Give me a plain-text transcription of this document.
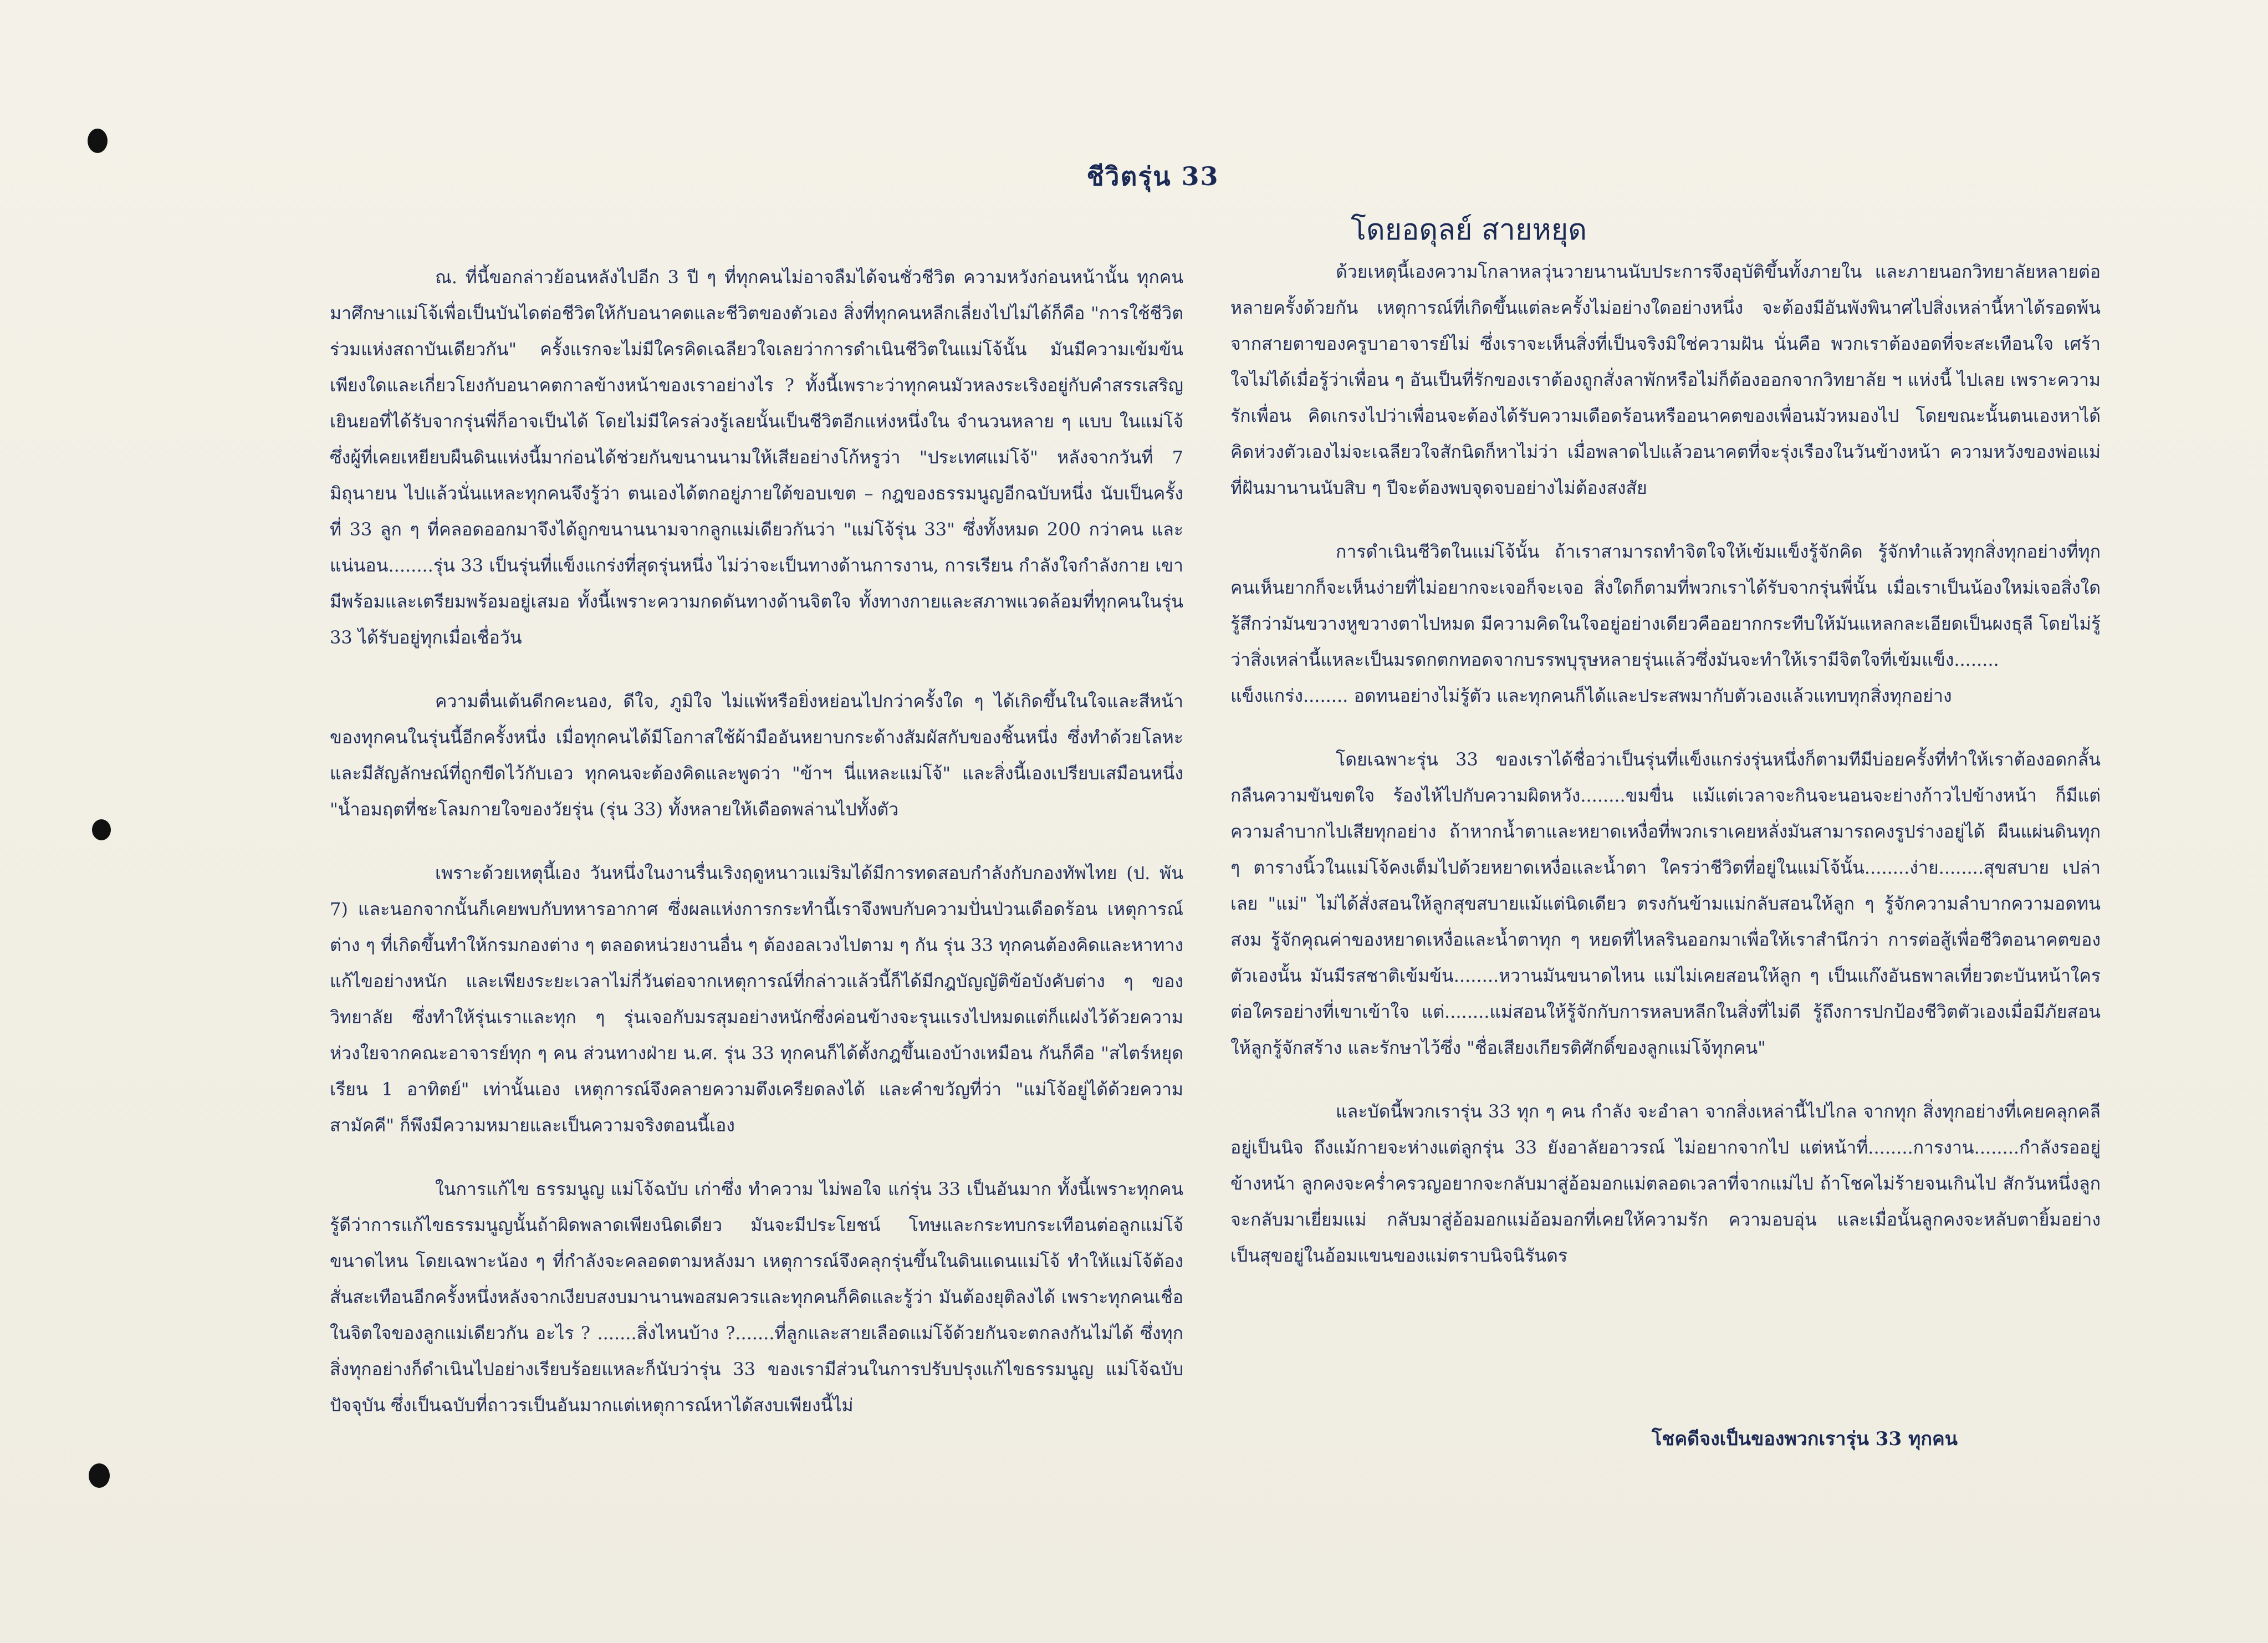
ชีวิตรุ่น 33
โดยอดุลย์ สายหยุด

ณ. ที่นี้ขอกล่าวย้อนหลังไปอีก 3 ปี ๆ ที่ทุกคนไม่อาจลืมได้จนชั่วชีวิต ความหวังก่อนหน้านั้น ทุกคนมาศึกษาแม่โจ้เพื่อเป็นบันไดต่อชีวิตให้กับอนาคตและชีวิตของตัวเอง สิ่งที่ทุกคนหลีกเลี่ยงไปไม่ได้ก็คือ "การใช้ชีวิตร่วมแห่งสถาบันเดียวกัน" ครั้งแรกจะไม่มีใครคิดเฉลียวใจเลยว่าการดำเนินชีวิตในแม่โจ้นั้น มันมีความเข้มข้นเพียงใดและเกี่ยวโยงกับอนาคตกาลข้างหน้าของเราอย่างไร ? ทั้งนี้เพราะว่าทุกคนมัวหลงระเริงอยู่กับคำสรรเสริญเยินยอที่ได้รับจากรุ่นพี่ก็อาจเป็นได้ โดยไม่มีใครล่วงรู้เลยนั้นเป็นชีวิตอีกแห่งหนึ่งใน จำนวนหลาย ๆ แบบ ในแม่โจ้ซึ่งผู้ที่เคยเหยียบผืนดินแห่งนี้มาก่อนได้ช่วยกันขนานนามให้เสียอย่างโก้หรูว่า "ประเทศแม่โจ้" หลังจากวันที่ 7 มิถุนายน ไปแล้วนั่นแหละทุกคนจึงรู้ว่า ตนเองได้ตกอยู่ภายใต้ขอบเขต – กฎของธรรมนูญอีกฉบับหนึ่ง นับเป็นครั้งที่ 33 ลูก ๆ ที่คลอดออกมาจึงได้ถูกขนานนามจากลูกแม่เดียวกันว่า "แม่โจ้รุ่น 33" ซึ่งทั้งหมด 200 กว่าคน และแน่นอน........รุ่น 33 เป็นรุ่นที่แข็งแกร่งที่สุดรุ่นหนึ่ง ไม่ว่าจะเป็นทางด้านการงาน, การเรียน กำลังใจกำลังกาย เขามีพร้อมและเตรียมพร้อมอยู่เสมอ ทั้งนี้เพราะความกดดันทางด้านจิตใจ ทั้งทางกายและสภาพแวดล้อมที่ทุกคนในรุ่น 33 ได้รับอยู่ทุกเมื่อเชื่อวัน

ความตื่นเต้นดีกคะนอง, ดีใจ, ภูมิใจ ไม่แพ้หรือยิ่งหย่อนไปกว่าครั้งใด ๆ ได้เกิดขึ้นในใจและสีหน้าของทุกคนในรุ่นนี้อีกครั้งหนึ่ง เมื่อทุกคนได้มีโอกาสใช้ผ้ามืออันหยาบกระด้างสัมผัสกับของชิ้นหนึ่ง ซึ่งทำด้วยโลหะและมีสัญลักษณ์ที่ถูกขีดไว้กับเอว ทุกคนจะต้องคิดและพูดว่า "ข้าฯ นี่แหละแม่โจ้" และสิ่งนี้เองเปรียบเสมือนหนึ่ง "น้ำอมฤตที่ชะโลมกายใจของวัยรุ่น (รุ่น 33) ทั้งหลายให้เดือดพล่านไปทั้งตัว

เพราะด้วยเหตุนี้เอง วันหนึ่งในงานรื่นเริงฤดูหนาวแม่ริมได้มีการทดสอบกำลังกับกองทัพไทย (ป. พัน 7) และนอกจากนั้นก็เคยพบกับทหารอากาศ ซึ่งผลแห่งการกระทำนี้เราจึงพบกับความปั่นป่วนเดือดร้อน เหตุการณ์ต่าง ๆ ที่เกิดขึ้นทำให้กรมกองต่าง ๆ ตลอดหน่วยงานอื่น ๆ ต้องอลเวงไปตาม ๆ กัน รุ่น 33 ทุกคนต้องคิดและหาทางแก้ไขอย่างหนัก และเพียงระยะเวลาไม่กี่วันต่อจากเหตุการณ์ที่กล่าวแล้วนี้ก็ได้มีกฎบัญญัติข้อบังคับต่าง ๆ ของวิทยาลัย ซึ่งทำให้รุ่นเราและทุก ๆ รุ่นเจอกับมรสุมอย่างหนักซึ่งค่อนข้างจะรุนแรงไปหมดแต่ก็แฝงไว้ด้วยความห่วงใยจากคณะอาจารย์ทุก ๆ คน ส่วนทางฝ่าย น.ศ. รุ่น 33 ทุกคนก็ได้ตั้งกฎขึ้นเองบ้างเหมือน กันก็คือ "สไตร์หยุดเรียน 1 อาทิตย์" เท่านั้นเอง เหตุการณ์จึงคลายความตึงเครียดลงได้ และคำขวัญที่ว่า "แม่โจ้อยู่ได้ด้วยความสามัคคี" ก็พึงมีความหมายและเป็นความจริงตอนนี้เอง

ในการแก้ไข ธรรมนูญ แม่โจ้ฉบับ เก่าซึ่ง ทำความ ไม่พอใจ แก่รุ่น 33 เป็นอันมาก ทั้งนี้เพราะทุกคนรู้ดีว่าการแก้ไขธรรมนูญนั้นถ้าผิดพลาดเพียงนิดเดียว มันจะมีประโยชน์ โทษและกระทบกระเทือนต่อลูกแม่โจ้ขนาดไหน โดยเฉพาะน้อง ๆ ที่กำลังจะคลอดตามหลังมา เหตุการณ์จึงคลุกรุ่นขึ้นในดินแดนแม่โจ้ ทำให้แม่โจ้ต้องสั่นสะเทือนอีกครั้งหนึ่งหลังจากเงียบสงบมานานพอสมควรและทุกคนก็คิดและรู้ว่า มันต้องยุติลงได้ เพราะทุกคนเชื่อในจิตใจของลูกแม่เดียวกัน อะไร ? .......สิ่งไหนบ้าง ?.......ที่ลูกและสายเลือดแม่โจ้ด้วยกันจะตกลงกันไม่ได้ ซึ่งทุกสิ่งทุกอย่างก็ดำเนินไปอย่างเรียบร้อยแหละก็นับว่ารุ่น 33 ของเรามีส่วนในการปรับปรุงแก้ไขธรรมนูญ แม่โจ้ฉบับปัจจุบัน ซึ่งเป็นฉบับที่ถาวรเป็นอันมากแต่เหตุการณ์หาได้สงบเพียงนี้ไม่

ด้วยเหตุนี้เองความโกลาหลวุ่นวายนานนับประการจึงอุบัติขึ้นทั้งภายใน และภายนอกวิทยาลัยหลายต่อหลายครั้งด้วยกัน เหตุการณ์ที่เกิดขึ้นแต่ละครั้งไม่อย่างใดอย่างหนึ่ง จะต้องมีอันพังพินาศไปสิ่งเหล่านี้หาได้รอดพ้นจากสายตาของครูบาอาจารย์ไม่ ซึ่งเราจะเห็นสิ่งที่เป็นจริงมิใช่ความฝัน นั่นคือ พวกเราต้องอดที่จะสะเทือนใจ เศร้าใจไม่ได้เมื่อรู้ว่าเพื่อน ๆ อันเป็นที่รักของเราต้องถูกสั่งลาพักหรือไม่ก็ต้องออกจากวิทยาลัย ฯ แห่งนี้ ไปเลย เพราะความรักเพื่อน คิดเกรงไปว่าเพื่อนจะต้องได้รับความเดือดร้อนหรืออนาคตของเพื่อนมัวหมองไป โดยขณะนั้นตนเองหาได้คิดห่วงตัวเองไม่จะเฉลียวใจสักนิดก็หาไม่ว่า เมื่อพลาดไปแล้วอนาคตที่จะรุ่งเรืองในวันข้างหน้า ความหวังของพ่อแม่ที่ฝันมานานนับสิบ ๆ ปีจะต้องพบจุดจบอย่างไม่ต้องสงสัย

การดำเนินชีวิตในแม่โจ้นั้น ถ้าเราสามารถทำจิตใจให้เข้มแข็งรู้จักคิด รู้จักทำแล้วทุกสิ่งทุกอย่างที่ทุกคนเห็นยากก็จะเห็นง่ายที่ไม่อยากจะเจอก็จะเจอ สิ่งใดก็ตามที่พวกเราได้รับจากรุ่นพี่นั้น เมื่อเราเป็นน้องใหม่เจอสิ่งใดรู้สึกว่ามันขวางหูขวางตาไปหมด มีความคิดในใจอยู่อย่างเดียวคืออยากกระทืบให้มันแหลกละเอียดเป็นผงธุลี โดยไม่รู้ว่าสิ่งเหล่านี้แหละเป็นมรดกตกทอดจากบรรพบุรุษหลายรุ่นแล้วซึ่งมันจะทำให้เรามีจิตใจที่เข้มแข็ง........ แข็งแกร่ง........ อดทนอย่างไม่รู้ตัว และทุกคนก็ได้และประสพมากับตัวเองแล้วแทบทุกสิ่งทุกอย่าง

โดยเฉพาะรุ่น 33 ของเราได้ชื่อว่าเป็นรุ่นที่แข็งแกร่งรุ่นหนึ่งก็ตามทีมีบ่อยครั้งที่ทำให้เราต้องอดกลั้นกลืนความขันขตใจ ร้องไห้ไปกับความผิดหวัง........ขมขื่น แม้แต่เวลาจะกินจะนอนจะย่างก้าวไปข้างหน้า ก็มีแต่ความลำบากไปเสียทุกอย่าง ถ้าหากน้ำตาและหยาดเหงื่อที่พวกเราเคยหลั่งมันสามารถคงรูปร่างอยู่ได้ ผืนแผ่นดินทุก ๆ ตารางนิ้วในแม่โจ้คงเต็มไปด้วยหยาดเหงื่อและน้ำตา ใครว่าชีวิตที่อยู่ในแม่โจ้นั้น........ง่าย........สุขสบาย เปล่าเลย "แม่" ไม่ได้สั่งสอนให้ลูกสุขสบายแม้แต่นิดเดียว ตรงกันข้ามแม่กลับสอนให้ลูก ๆ รู้จักความลำบากความอดทน สงม รู้จักคุณค่าของหยาดเหงื่อและน้ำตาทุก ๆ หยดที่ไหลรินออกมาเพื่อให้เราสำนึกว่า การต่อสู้เพื่อชีวิตอนาคตของตัวเองนั้น มันมีรสชาติเข้มข้น........หวานมันขนาดไหน แม่ไม่เคยสอนให้ลูก ๆ เป็นแก๊งอันธพาลเที่ยวตะบันหน้าใครต่อใครอย่างที่เขาเข้าใจ แต่........แม่สอนให้รู้จักกับการหลบหลีกในสิ่งที่ไม่ดี รู้ถึงการปกป้องชีวิตตัวเองเมื่อมีภัยสอนให้ลูกรู้จักสร้าง และรักษาไว้ซึ่ง "ชื่อเสียงเกียรติศักดิ์ของลูกแม่โจ้ทุกคน"

และบัดนี้พวกเรารุ่น 33 ทุก ๆ คน กำลัง จะอำลา จากสิ่งเหล่านี้ไปไกล จากทุก สิ่งทุกอย่างที่เคยคลุกคลีอยู่เป็นนิจ ถึงแม้กายจะห่างแต่ลูกรุ่น 33 ยังอาลัยอาวรณ์ ไม่อยากจากไป แต่หน้าที่........การงาน........กำลังรออยู่ข้างหน้า ลูกคงจะคร่ำครวญอยากจะกลับมาสู่อ้อมอกแม่ตลอดเวลาที่จากแม่ไป ถ้าโชคไม่ร้ายจนเกินไป สักวันหนึ่งลูกจะกลับมาเยี่ยมแม่ กลับมาสู่อ้อมอกแม่อ้อมอกที่เคยให้ความรัก ความอบอุ่น และเมื่อนั้นลูกคงจะหลับตายิ้มอย่างเป็นสุขอยู่ในอ้อมแขนของแม่ตราบนิจนิรันดร

โชคดีจงเป็นของพวกเรารุ่น 33 ทุกคน
